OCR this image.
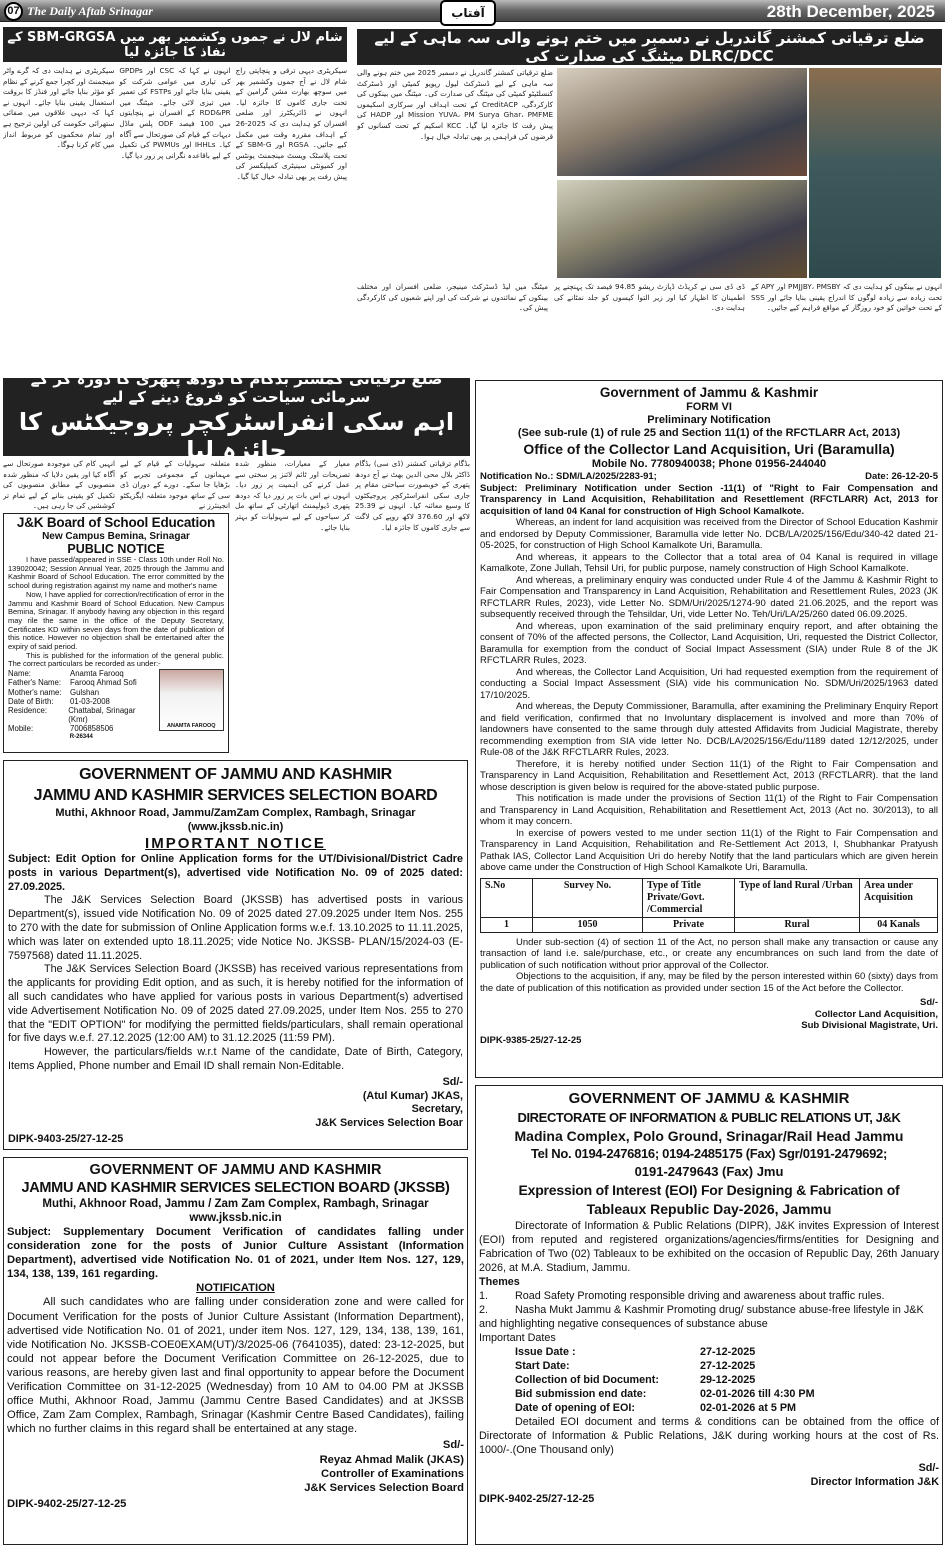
07 The Daily Aftab Srinagar	آفتاب	28th December, 2025
شام لال نے جموں وکشمیر بھر میں SBM-GRGSA کے نفاذ کا جائزہ لیا
سیکریٹری دیہی ترقی و پنچایتی راج شام لال نے آج جموں وکشمیر بھر میں سوچھ بھارت مشن گرامین کے تحت جاری کاموں کا جائزہ لیا۔ انہوں نے ڈائریکٹرز اور ضلعی افسران کو ہدایت دی کہ 2025-26 کے اہداف مقررہ وقت میں مکمل کیے جائیں۔ RGSA اور SBM-G کے تحت پلاسٹک ویسٹ مینجمنٹ یونٹس اور کمیونٹی سینیٹری کمپلیکسز کی پیش رفت پر بھی تبادلہ خیال کیا گیا۔
انہوں نے کہا کہ CSC اور GPDPs کی تیاری میں عوامی شرکت کو یقینی بنایا جائے اور FSTPs کی تعمیر میں تیزی لائی جائے۔ میٹنگ میں RDD&PR کے افسران نے پنچایتوں میں 100 فیصد ODF پلس ماڈل دیہات کے قیام کی صورتحال سے آگاہ کیا۔ IHHLs اور PWMUs کی تکمیل کے لیے باقاعدہ نگرانی پر زور دیا گیا۔
سیکریٹری نے ہدایت دی کہ گرے واٹر مینجمنٹ اور کچرا جمع کرنے کے نظام کو مؤثر بنایا جائے اور فنڈز کا بروقت استعمال یقینی بنایا جائے۔ انہوں نے کہا کہ دیہی علاقوں میں صفائی ستھرائی حکومت کی اولین ترجیح ہے اور تمام محکموں کو مربوط انداز میں کام کرنا ہوگا۔
ضلع ترقیاتی کمشنر گاندربل نے دسمبر میں ختم ہونے والی سہ ماہی کے لیے DLRC/DCC میٹنگ کی صدارت کی
ضلع ترقیاتی کمشنر گاندربل نے دسمبر 2025 میں ختم ہونے والی سہ ماہی کے لیے ڈسٹرکٹ لیول ریویو کمیٹی اور ڈسٹرکٹ کنسلٹیٹو کمیٹی کی میٹنگ کی صدارت کی۔ میٹنگ میں بینکوں کی کارکردگی، CreditACP کے تحت اہداف اور سرکاری اسکیموں Mission YUVA، PM Surya Ghar، PMFME اور HADP کی پیش رفت کا جائزہ لیا گیا۔ KCC اسکیم کے تحت کسانوں کو قرضوں کی فراہمی پر بھی تبادلہ خیال ہوا۔
انہوں نے بینکوں کو ہدایت دی کہ PMJJBY، PMSBY اور APY کے تحت زیادہ سے زیادہ لوگوں کا اندراج یقینی بنایا جائے اور SSS کے تحت خواتین کو خود روزگار کے مواقع فراہم کیے جائیں۔
ڈی ڈی سی نے کریڈٹ ڈپازٹ ریشو 94.85 فیصد تک پہنچنے پر اطمینان کا اظہار کیا اور زیر التوا کیسوں کو جلد نمٹانے کی ہدایت دی۔
میٹنگ میں لیڈ ڈسٹرکٹ مینیجر، ضلعی افسران اور مختلف بینکوں کے نمائندوں نے شرکت کی اور اپنے شعبوں کی کارکردگی پیش کی۔
ضلع ترقیاتی کمشنر بڈگام کا دودھ پتھری کا دورہ کر کے سرمائی سیاحت کو فروغ دینے کے لیے
اہم سکی انفراسٹرکچر پروجیکٹس کا جائزہ لیا	بڈگام ترقیاتی کمشنر (ڈی سی) بڈگام ڈاکٹر بلال محی الدین بھٹ نے آج دودھ پتھری کے خوبصورت سیاحتی مقام پر جاری سکی انفراسٹرکچر پروجیکٹوں کا وسیع معائنہ کیا۔ انہوں نے 25.39 لاکھ اور 376.60 لاکھ روپے کی لاگت سے جاری کاموں کا جائزہ لیا۔
معیار کے معیارات، منظور شدہ تصریحات اور ٹائم لائنز پر سختی سے عمل کرنے کی اہمیت پر زور دیا۔ انہوں نے اس بات پر زور دیا کہ دودھ پتھری ڈیولپمنٹ اتھارٹی کے ساتھ مل کر سیاحوں کے لیے سہولیات کو بہتر بنایا جائے۔
متعلقہ سہولیات کے قیام کے لیے مہمانوں کے مجموعی تجربے کو بڑھایا جا سکے۔ دورے کے دوران ڈی سی کے ساتھ موجود متعلقہ ایگزیکٹو انجینئرز نے
انہیں کام کی موجودہ صورتحال سے آگاہ کیا اور یقین دلایا کہ منظور شدہ منصوبوں کے مطابق منصوبوں کی تکمیل کو یقینی بنانے کے لیے تمام تر کوششیں کی جا رہی ہیں۔
J&K Board of School Education
New Campus Bemina, Srinagar
PUBLIC NOTICE

I have passed/appeared in SSE - Class 10th under Roll No. 139020042; Session Annual Year, 2025 through the Jammu and Kashmir Board of School Education. The error committed by the school during registration against my name and mother's name

Now, I have applied for correction/rectification of error in the Jammu and Kashmir Board of School Education. New Campus Bemina, Srinagar. If anybody having any objection in this regard may rile the same in the office of the Deputy Secretary, Certificates KD within seven days from the date of publication of this notice. However no objection shall be entertained after the expiry of said period.

This is published for the information of the general public. The correct particulars be recorded as under:-

Name:	Anamta Farooq
Father's Name:	Farooq Ahmad Sofi
Mother's name:	Gulshan
Date of Birth:	01-03-2008
Residence:	Chattabal, Srinagar (Kmr)
Mobile:	7006858506
R-26344
ANAMTA FAROOQ
Government of Jammu & Kashmir
FORM VI
Preliminary Notification
(See sub-rule (1) of rule 25 and Section 11(1) of the RFCTLARR Act, 2013)
Office of the Collector Land Acquisition, Uri (Baramulla)
Mobile No. 7780940038; Phone 01956-244040
Notification No.: SDM/LA/2025/2283-91;	Date: 26-12-20-5

Subject: Preliminary Notification under Section -11(1) of "Right to Fair Compensation and Transparency in Land Acquisition, Rehabilitation and Resettlement (RFCTLARR) Act, 2013 for acquisition of land 04 Kanal for construction of High School Kamalkote.

Whereas, an indent for land acquisition was received from the Director of School Education Kashmir and endorsed by Deputy Commissioner, Baramulla vide letter No. DCB/LA/2025/156/Edu/340-42 dated 21-05-2025, for construction of High School Kamalkote Uri, Baramulla.

And whereas, it appears to the Collector that a total area of 04 Kanal is required in village Kamalkote, Zone Jullah, Tehsil Uri, for public purpose, namely construction of High School Kamalkote.

And whereas, a preliminary enquiry was conducted under Rule 4 of the Jammu & Kashmir Right to Fair Compensation and Transparency in Land Acquisition, Rehabilitation and Resettlement Rules, 2023 (JK RFCTLARR Rules, 2023), vide Letter No. SDM/Uri/2025/1274-90 dated 21.06.2025, and the report was subsequently received through the Tehsildar, Uri, vide Letter No. Teh/Uri/LA/25/260 dated 06.09.2025.

And whereas, upon examination of the said preliminary enquiry report, and after obtaining the consent of 70% of the affected persons, the Collector, Land Acquisition, Uri, requested the District Collector, Baramulla for exemption from the conduct of Social Impact Assessment (SIA) under Rule 8 of the JK RFCTLARR Rules, 2023.

And whereas, the Collector Land Acquisition, Uri had requested exemption from the requirement of conducting a Social Impact Assessment (SIA) vide his communication No. SDM/Uri/2025/1963 dated 17/10/2025.

And whereas, the Deputy Commissioner, Baramulla, after examining the Preliminary Enquiry Report and field verification, confirmed that no Involuntary displacement is involved and more than 70% of landowners have consented to the same through duly attested Affidavits from Judicial Magistrate, thereby recommending exemption from SIA vide letter No. DCB/LA/2025/156/Edu/1189 dated 12/12/2025, under Rule-08 of the J&K RFCTLARR Rules, 2023.

Therefore, it is hereby notified under Section 11(1) of the Right to Fair Compensation and Transparency in Land Acquisition, Rehabilitation and Resettlement Act, 2013 (RFCTLARR). that the land whose description is given below is required for the above-stated public purpose.

This notification is made under the provisions of Section 11(1) of the Right to Fair Compensation and Transparency in Land Acquisition, Rehabilitation and Resettlement Act, 2013 (Act no. 30/2013), to all whom it may concern.

In exercise of powers vested to me under section 11(1) of the Right to Fair Compensation and Transparency in Land Acquisition, Rehabilitation and Re-Settlement Act 2013, I, Shubhankar Pratyush Pathak IAS, Collector Land Acquisition Uri do hereby Notify that the land particulars which are given herein above came under the Construction of High School Kamalkote Uri, Baramulla.

S.No	Survey No.	Type of Title Private/Govt. /Commercial	Type of land Rural /Urban	Area under Acquisition
1	1050	Private	Rural	04 Kanals

Under sub-section (4) of section 11 of the Act, no person shall make any transaction or cause any transaction of land i.e. sale/purchase, etc., or create any encumbrances on such land from the date of publication of such notification without prior approval of the Collector.

Objections to the acquisition, if any, may be filed by the person interested within 60 (sixty) days from the date of publication of this notification as provided under section 15 of the Act before the Collector.

Sd/-
Collector Land Acquisition,
Sub Divisional Magistrate, Uri.
DIPK-9385-25/27-12-25
GOVERNMENT OF JAMMU AND KASHMIR
JAMMU AND KASHMIR SERVICES SELECTION BOARD
Muthi, Akhnoor Road, Jammu/ZamZam Complex, Rambagh, Srinagar
(www.jkssb.nic.in)
IMPORTANT NOTICE

Subject: Edit Option for Online Application forms for the UT/Divisional/District Cadre posts in various Department(s), advertised vide Notification No. 09 of 2025 dated: 27.09.2025.

The J&K Services Selection Board (JKSSB) has advertised posts in various Department(s), issued vide Notification No. 09 of 2025 dated 27.09.2025 under Item Nos. 255 to 270 with the date for submission of Online Application forms w.e.f. 13.10.2025 to 11.11.2025, which was later on extended upto 18.11.2025; vide Notice No. JKSSB- PLAN/15/2024-03 (E-7597568) dated 11.11.2025.

The J&K Services Selection Board (JKSSB) has received various representations from the applicants for providing Edit option, and as such, it is hereby notified for the information of all such candidates who have applied for various posts in various Department(s) advertised vide Advertisement Notification No. 09 of 2025 dated 27.09.2025, under Item Nos. 255 to 270 that the "EDIT OPTION" for modifying the permitted fields/particulars, shall remain operational for five days w.e.f. 27.12.2025 (12:00 AM) to 31.12.2025 (11:59 PM).

However, the particulars/fields w.r.t Name of the candidate, Date of Birth, Category, Items Applied, Phone number and Email ID shall remain Non-Editable.

Sd/-
(Atul Kumar) JKAS,
Secretary,
J&K Services Selection Boar
DIPK-9403-25/27-12-25
GOVERNMENT OF JAMMU AND KASHMIR
JAMMU AND KASHMIR SERVICES SELECTION BOARD (JKSSB)
Muthi, Akhnoor Road, Jammu / Zam Zam Complex, Rambagh, Srinagar
www.jkssb.nic.in

Subject: Supplementary Document Verification of candidates falling under consideration zone for the posts of Junior Culture Assistant (Information Department), advertised vide Notification No. 01 of 2021, under Item Nos. 127, 129, 134, 138, 139, 161 regarding.

NOTIFICATION

All such candidates who are falling under consideration zone and were called for Document Verification for the posts of Junior Culture Assistant (Information Department), advertised vide Notification No. 01 of 2021, under item Nos. 127, 129, 134, 138, 139, 161, vide Notification No. JKSSB-COE0EXAM(UT)/3/2025-06 (7641035), dated: 23-12-2025, but could not appear before the Document Verification Committee on 26-12-2025, due to various reasons, are hereby given last and final opportunity to appear before the Document Verification Committee on 31-12-2025 (Wednesday) from 10 AM to 04.00 PM at JKSSB office Muthi, Akhnoor Road, Jammu (Jammu Centre Based Candidates) and at JKSSB Office, Zam Zam Complex, Rambagh, Srinagar (Kashmir Centre Based Candidates), failing which no further claims in this regard shall be entertained at any stage.

Sd/-
Reyaz Ahmad Malik (JKAS)
Controller of Examinations
J&K Services Selection Board
DIPK-9402-25/27-12-25
GOVERNMENT OF JAMMU & KASHMIR
DIRECTORATE OF INFORMATION & PUBLIC RELATIONS UT, J&K
Madina Complex, Polo Ground, Srinagar/Rail Head Jammu
Tel No. 0194-2476816; 0194-2485175 (Fax) Sgr/0191-2479692;
0191-2479643 (Fax) Jmu
Expression of Interest (EOI) For Designing & Fabrication of
Tableaux Republic Day-2026, Jammu

Directorate of Information & Public Relations (DIPR), J&K invites Expression of Interest (EOI) from reputed and registered organizations/agencies/firms/entities for Designing and Fabrication of Two (02) Tableaux to be exhibited on the occasion of Republic Day, 26th January 2026, at M.A. Stadium, Jammu.

Themes
1.	Road Safety Promoting responsible driving and awareness about traffic rules.
2. Nasha Mukt Jammu & Kashmir Promoting drug/ substance abuse-free lifestyle in J&K and highlighting negative consequences of substance abuse
Important Dates
Issue Date :	27-12-2025
Start Date:	27-12-2025
Collection of bid Document:	29-12-2025
Bid submission end date:	02-01-2026 till 4:30 PM
Date of opening of EOI:	02-01-2026 at 5 PM

Detailed EOI document and terms & conditions can be obtained from the office of Directorate of Information & Public Relations, J&K during working hours at the cost of Rs. 1000/-.(One Thousand only)

Sd/-
Director Information J&K
DIPK-9402-25/27-12-25
